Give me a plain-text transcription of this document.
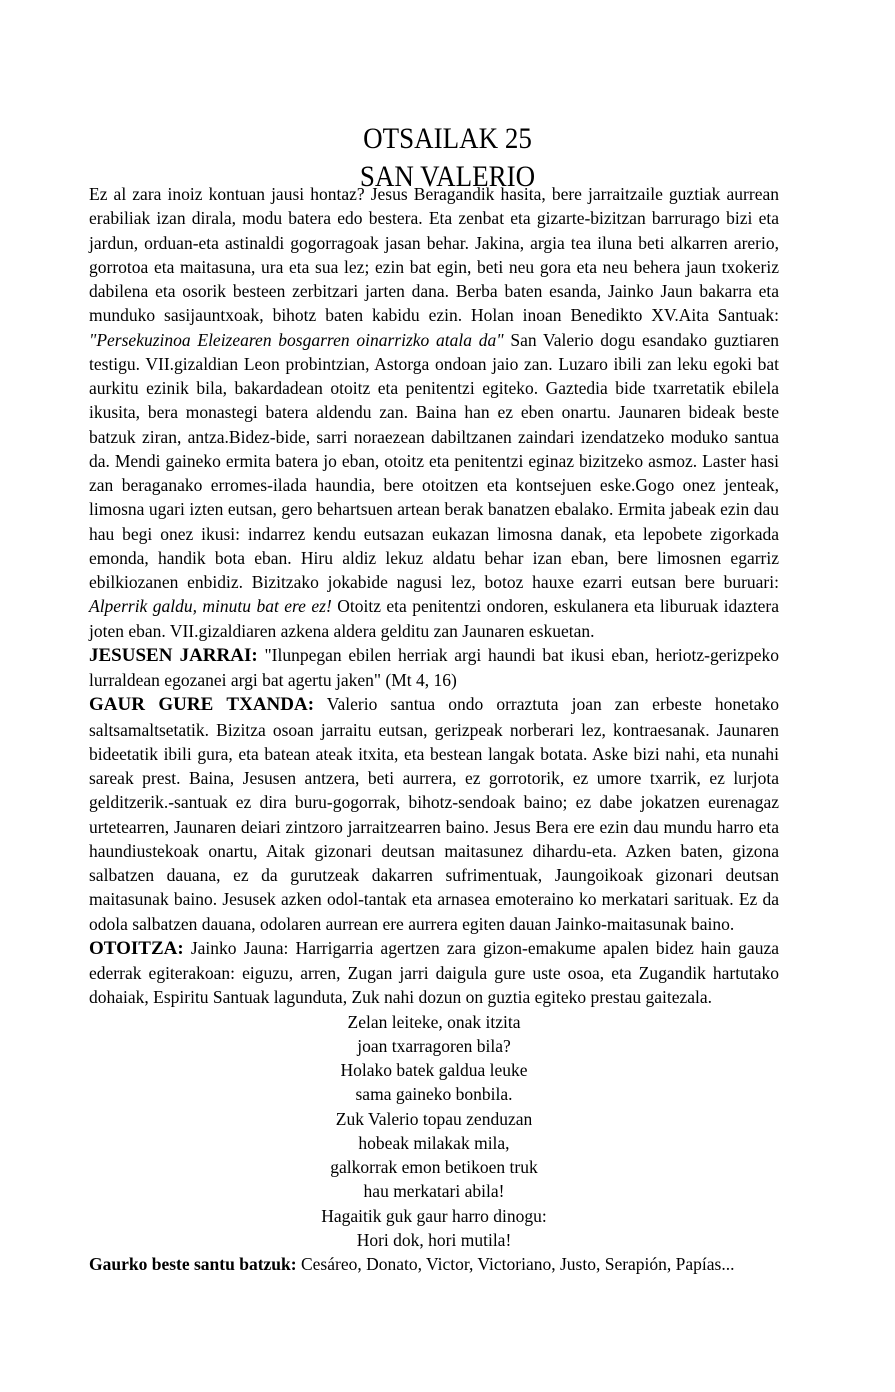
OTSAILAK 25
SAN VALERIO

Ez al zara inoiz kontuan jausi hontaz? Jesus Beragandik hasita, bere jarraitzaile guztiak aurrean erabiliak izan dirala, modu batera edo bestera. Eta zenbat eta gizarte-bizitzan barrurago bizi eta jardun, orduan-eta astinaldi gogorragoak jasan behar. Jakina, argia tea iluna beti alkarren arerio, gorrotoa eta maitasuna, ura eta sua lez; ezin bat egin, beti neu gora eta neu behera jaun txokeriz dabilena eta osorik besteen zerbitzari jarten dana. Berba baten esanda, Jainko Jaun bakarra eta munduko sasijauntxoak, bihotz baten kabidu ezin. Holan inoan Benedikto XV.Aita Santuak: "Persekuzinoa Eleizearen bosgarren oinarrizko atala da" San Valerio dogu esandako guztiaren testigu. VII.gizaldian Leon probintzian, Astorga ondoan jaio zan. Luzaro ibili zan leku egoki bat aurkitu ezinik bila, bakardadean otoitz eta penitentzi egiteko. Gaztedia bide txarretatik ebilela ikusita, bera monastegi batera aldendu zan. Baina han ez eben onartu. Jaunaren bideak beste batzuk ziran, antza.Bidez-bide, sarri noraezean dabiltzanen zaindari izendatzeko moduko santua da. Mendi gaineko ermita batera jo eban, otoitz eta penitentzi eginaz bizitzeko asmoz. Laster hasi zan beraganako erromes-ilada haundia, bere otoitzen eta kontsejuen eske.Gogo onez jenteak, limosna ugari izten eutsan, gero behartsuen artean berak banatzen ebalako. Ermita jabeak ezin dau hau begi onez ikusi: indarrez kendu eutsazan eukazan limosna danak, eta lepobete zigorkada emonda, handik bota eban. Hiru aldiz lekuz aldatu behar izan eban, bere limosnen egarriz ebilkiozanen enbidiz. Bizitzako jokabide nagusi lez, botoz hauxe ezarri eutsan bere buruari: Alperrik galdu, minutu bat ere ez! Otoitz eta penitentzi ondoren, eskulanera eta liburuak idaztera joten eban. VII.gizaldiaren azkena aldera gelditu zan Jaunaren eskuetan.

JESUSEN JARRAI: "Ilunpegan ebilen herriak argi haundi bat ikusi eban, heriotz-gerizpeko lurraldean egozanei argi bat agertu jaken" (Mt 4, 16)

GAUR GURE TXANDA: Valerio santua ondo orraztuta joan zan erbeste honetako saltsamaltsetatik. Bizitza osoan jarraitu eutsan, gerizpeak norberari lez, kontraesanak. Jaunaren bideetatik ibili gura, eta batean ateak itxita, eta bestean langak botata. Aske bizi nahi, eta nunahi sareak prest. Baina, Jesusen antzera, beti aurrera, ez gorrotorik, ez umore txarrik, ez lurjota gelditzerik.-santuak ez dira buru-gogorrak, bihotz-sendoak baino; ez dabe jokatzen eurenagaz urtetearren, Jaunaren deiari zintzoro jarraitzearren baino. Jesus Bera ere ezin dau mundu harro eta haundiustekoak onartu, Aitak gizonari deutsan maitasunez dihardu-eta. Azken baten, gizona salbatzen dauana, ez da gurutzeak dakarren sufrimentuak, Jaungoikoak gizonari deutsan maitasunak baino. Jesusek azken odol-tantak eta arnasea emoteraino ko merkatari sarituak. Ez da odola salbatzen dauana, odolaren aurrean ere aurrera egiten dauan Jainko-maitasunak baino.

OTOITZA: Jainko Jauna: Harrigarria agertzen zara gizon-emakume apalen bidez hain gauza ederrak egiterakoan: eiguzu, arren, Zugan jarri daigula gure uste osoa, eta Zugandik hartutako dohaiak, Espiritu Santuak lagunduta, Zuk nahi dozun on guztia egiteko prestau gaitezala.

Zelan leiteke, onak itzita
joan txarragoren bila?
Holako batek galdua leuke
sama gaineko bonbila.
Zuk Valerio topau zenduzan
hobeak milakak mila,
galkorrak emon betikoen truk
hau merkatari abila!
Hagaitik guk gaur harro dinogu:
Hori dok, hori mutila!

Gaurko beste santu batzuk: Cesáreo, Donato, Victor, Victoriano, Justo, Serapión, Papías...
